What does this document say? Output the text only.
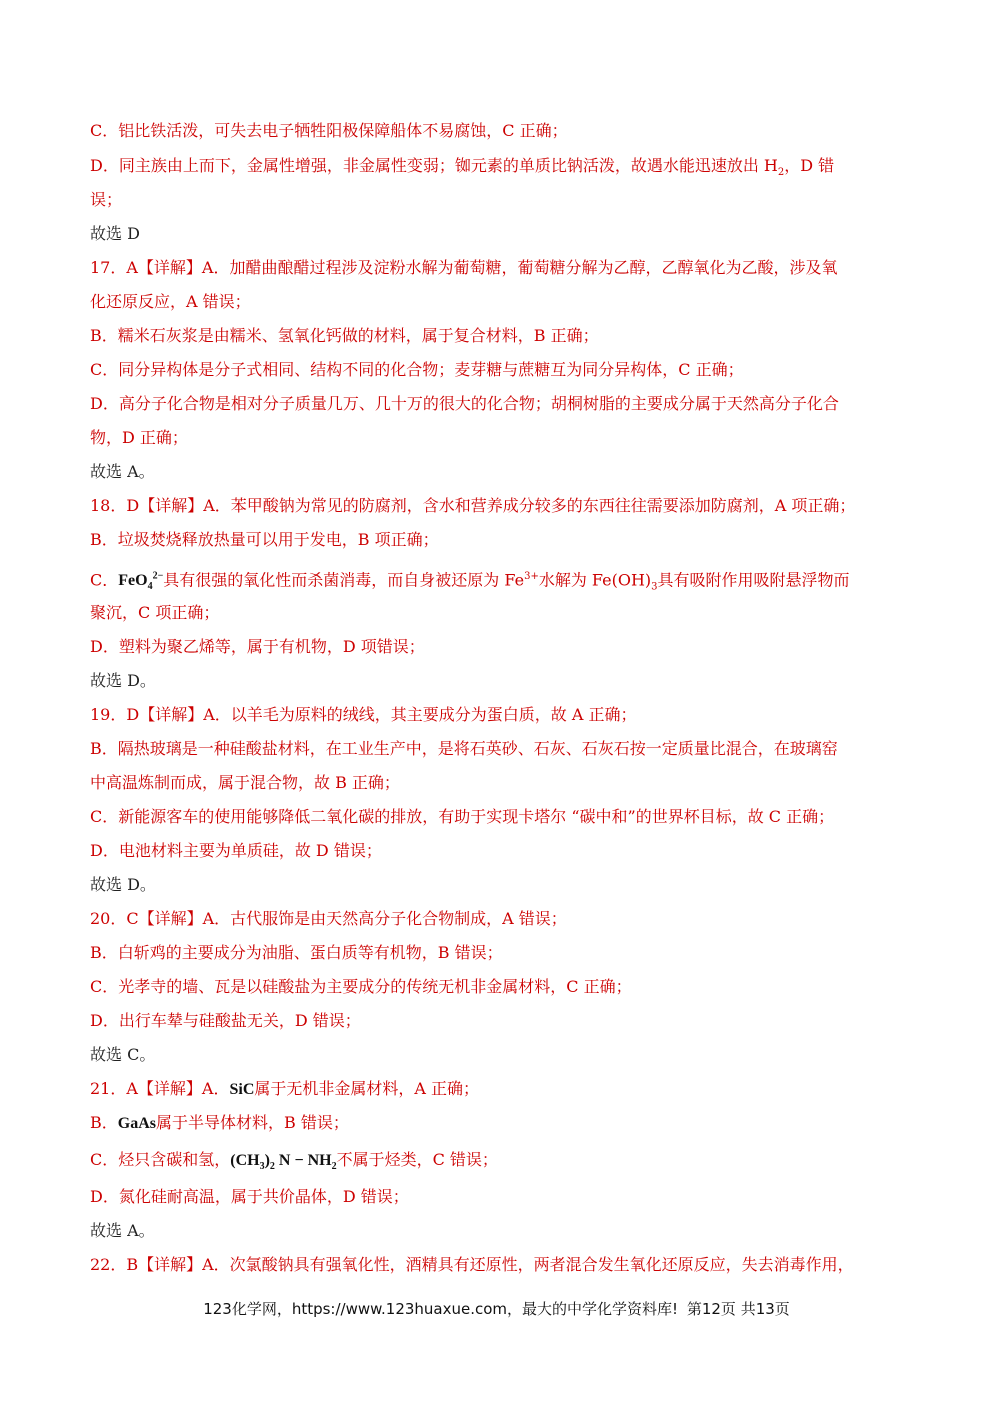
C．铝比铁活泼，可失去电子牺牲阳极保障船体不易腐蚀，C 正确；
D．同主族由上而下，金属性增强，非金属性变弱；铷元素的单质比钠活泼，故遇水能迅速放出 $H_2$，D 错
误；
故选 D
17．A【详解】A．加醋曲酿醋过程涉及淀粉水解为葡萄糖，葡萄糖分解为乙醇，乙醇氧化为乙酸，涉及氧
化还原反应，A 错误；
B．糯米石灰浆是由糯米、氢氧化钙做的材料，属于复合材料，B 正确；
C．同分异构体是分子式相同、结构不同的化合物；麦芽糖与蔗糖互为同分异构体，C 正确；
D．高分子化合物是相对分子质量几万、几十万的很大的化合物；胡桐树脂的主要成分属于天然高分子化合
物，D 正确；
故选 A。
18．D【详解】A．苯甲酸钠为常见的防腐剂，含水和营养成分较多的东西往往需要添加防腐剂，A 项正确；
B．垃圾焚烧释放热量可以用于发电，B 项正确；
C．FeO$_4^{2-}$具有很强的氧化性而杀菌消毒，而自身被还原为 $Fe^{3+}$水解为 $Fe(OH)_3$具有吸附作用吸附悬浮物而
聚沉，C 项正确；
D．塑料为聚乙烯等，属于有机物，D 项错误；
故选 D。
19．D【详解】A．以羊毛为原料的绒线，其主要成分为蛋白质，故 A 正确；
B．隔热玻璃是一种硅酸盐材料，在工业生产中，是将石英砂、石灰、石灰石按一定质量比混合，在玻璃窑
中高温炼制而成，属于混合物，故 B 正确；
C．新能源客车的使用能够降低二氧化碳的排放，有助于实现卡塔尔 “碳中和”的世界杯目标，故 C 正确；
D．电池材料主要为单质硅，故 D 错误；
故选 D。
20．C【详解】A．古代服饰是由天然高分子化合物制成，A 错误；
B．白斩鸡的主要成分为油脂、蛋白质等有机物，B 错误；
C．光孝寺的墙、瓦是以硅酸盐为主要成分的传统无机非金属材料，C 正确；
D．出行车辇与硅酸盐无关，D 错误；
故选 C。
21．A【详解】A．SiC属于无机非金属材料，A 正确；
B．GaAs属于半导体材料，B 错误；
C．烃只含碳和氢，$(CH_3)_2$ $N - NH_2$不属于烃类，C 错误；
D．氮化硅耐高温，属于共价晶体，D 错误；
故选 A。
22．B【详解】A．次氯酸钠具有强氧化性，酒精具有还原性，两者混合发生氧化还原反应，失去消毒作用，
123化学网，https://www.123huaxue.com，最大的中学化学资料库! 第12页 共13页
